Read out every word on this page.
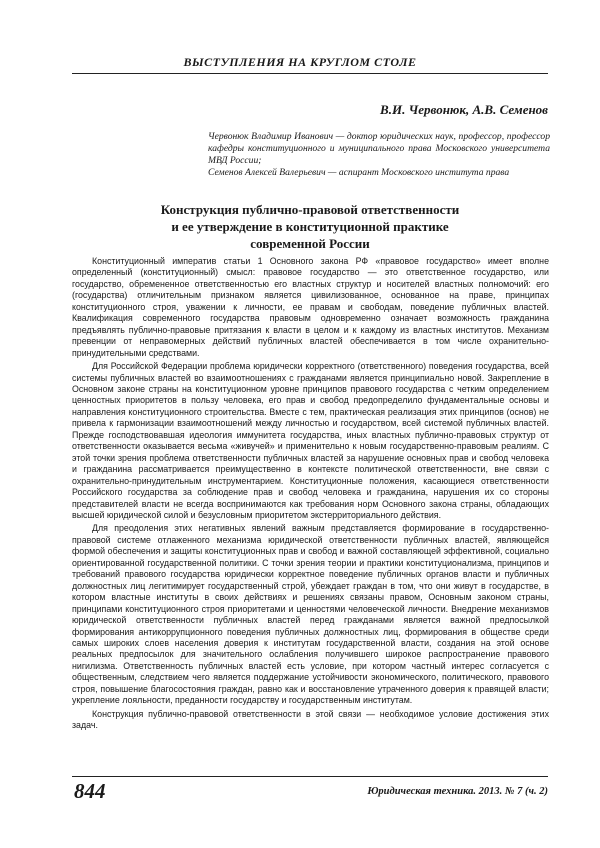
ВЫСТУПЛЕНИЯ НА КРУГЛОМ СТОЛЕ
В.И. Червонюк, А.В. Семенов
Червонюк Владимир Иванович — доктор юридических наук, профессор, профессор кафедры конституционного и муниципального права Московского университета МВД России;
Семенов Алексей Валерьевич — аспирант Московского института права
Конструкция публично-правовой ответственности
и ее утверждение в конституционной практике
современной России

Конституционный императив статьи 1 Основного закона РФ «правовое государство» имеет вполне определенный (конституционный) смысл: правовое государство — это ответственное государство, или государство, обремененное ответственностью его властных структур и носителей властных полномочий: его (государства) отличительным признаком является цивилизованное, основанное на праве, принципах конституционного строя, уважении к личности, ее правам и свободам, поведение публичных властей. Квалификация современного государства правовым одновременно означает возможность гражданина предъявлять публично-правовые притязания к власти в целом и к каждому из властных институтов. Механизм превенции от неправомерных действий публичных властей обеспечивается в том числе охранительно-принудительными средствами.

Для Российской Федерации проблема юридически корректного (ответственного) поведения государства, всей системы публичных властей во взаимоотношениях с гражданами является принципиально новой. Закрепление в Основном законе страны на конституционном уровне принципов правового государства с четким определением ценностных приоритетов в пользу человека, его прав и свобод предопределило фундаментальные основы и направления конституционного строительства. Вместе с тем, практическая реализация этих принципов (основ) не привела к гармонизации взаимоотношений между личностью и государством, всей системой публичных властей. Прежде господствовавшая идеология иммунитета государства, иных властных публично-правовых структур от ответственности оказывается весьма «живучей» и применительно к новым государственно-правовым реалиям. С этой точки зрения проблема ответственности публичных властей за нарушение основных прав и свобод человека и гражданина рассматривается преимущественно в контексте политической ответственности, вне связи с охранительно-принудительным инструментарием. Конституционные положения, касающиеся ответственности Российского государства за соблюдение прав и свобод человека и гражданина, нарушения их со стороны представителей власти не всегда воспринимаются как требования норм Основного закона страны, обладающих высшей юридической силой и безусловным приоритетом экстерриториального действия.

Для преодоления этих негативных явлений важным представляется формирование в государственно-правовой системе отлаженного механизма юридической ответственности публичных властей, являющейся формой обеспечения и защиты конституционных прав и свобод и важной составляющей эффективной, социально ориентированной государственной политики. С точки зрения теории и практики конституционализма, принципов и требований правового государства юридически корректное поведение публичных органов власти и публичных должностных лиц легитимирует государственный строй, убеждает граждан в том, что они живут в государстве, в котором властные институты в своих действиях и решениях связаны правом, Основным законом страны, принципами конституционного строя приоритетами и ценностями человеческой личности. Внедрение механизмов юридической ответственности публичных властей перед гражданами является важной предпосылкой формирования антикоррупционного поведения публичных должностных лиц, формирования в обществе среди самых широких слоев населения доверия к институтам государственной власти, создания на этой основе реальных предпосылок для значительного ослабления получившего широкое распространение правового нигилизма. Ответственность публичных властей есть условие, при котором частный интерес согласуется с общественным, следствием чего является поддержание устойчивости экономического, политического, правового строя, повышение благосостояния граждан, равно как и восстановление утраченного доверия к правящей власти; укрепление лояльности, преданности государству и государственным институтам.

Конструкция публично-правовой ответственности в этой связи — необходимое условие достижения этих задач.

844	Юридическая техника. 2013. № 7 (ч. 2)
